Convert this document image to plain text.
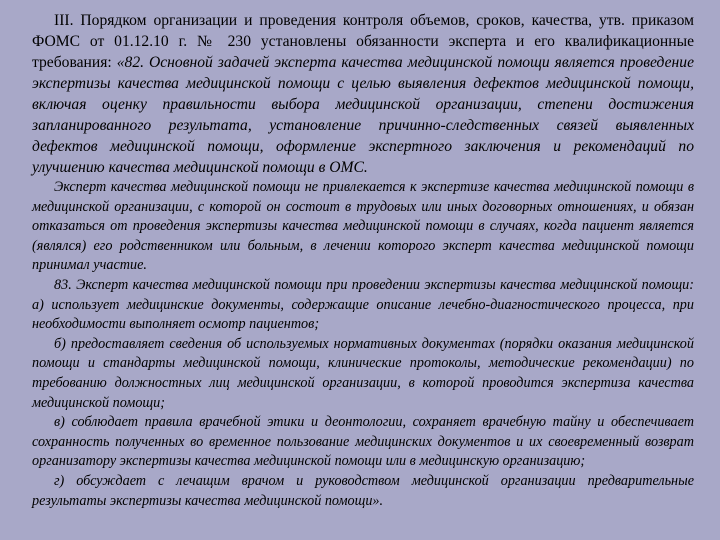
III. Порядком организации и проведения контроля объемов, сроков, качества, утв. приказом ФОМС от 01.12.10 г. № 230 установлены обязанности эксперта и его квалификационные требования: «82. Основной задачей эксперта качества медицинской помощи является проведение экспертизы качества медицинской помощи с целью выявления дефектов медицинской помощи, включая оценку правильности выбора медицинской организации, степени достижения запланированного результата, установление причинно-следственных связей выявленных дефектов медицинской помощи, оформление экспертного заключения и рекомендаций по улучшению качества медицинской помощи в ОМС.

Эксперт качества медицинской помощи не привлекается к экспертизе качества медицинской помощи в медицинской организации, с которой он состоит в трудовых или иных договорных отношениях, и обязан отказаться от проведения экспертизы качества медицинской помощи в случаях, когда пациент является (являлся) его родственником или больным, в лечении которого эксперт качества медицинской помощи принимал участие.

83. Эксперт качества медицинской помощи при проведении экспертизы качества медицинской помощи: а) использует медицинские документы, содержащие описание лечебно-диагностического процесса, при необходимости выполняет осмотр пациентов;

б) предоставляет сведения об используемых нормативных документах (порядки оказания медицинской помощи и стандарты медицинской помощи, клинические протоколы, методические рекомендации) по требованию должностных лиц медицинской организации, в которой проводится экспертиза качества медицинской помощи;

в) соблюдает правила врачебной этики и деонтологии, сохраняет врачебную тайну и обеспечивает сохранность полученных во временное пользование медицинских документов и их своевременный возврат организатору экспертизы качества медицинской помощи или в медицинскую организацию;

г) обсуждает с лечащим врачом и руководством медицинской организации предварительные результаты экспертизы качества медицинской помощи».
